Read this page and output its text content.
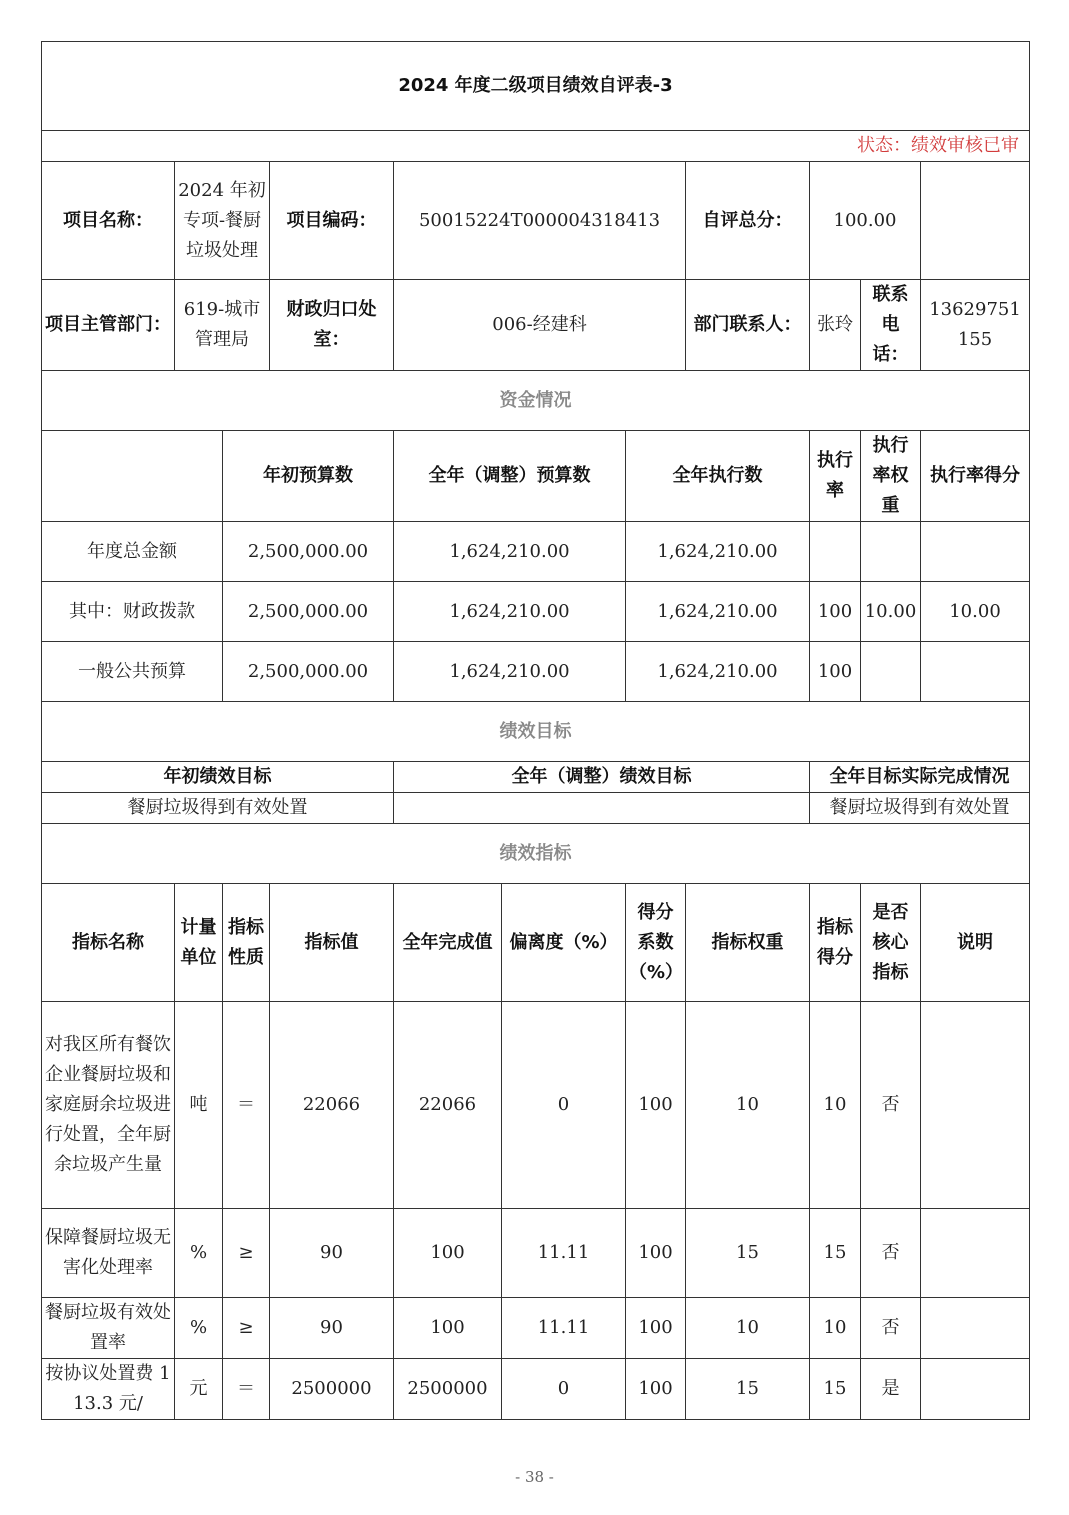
2024 年度二级项目绩效自评表-3										
状态：绩效审核已审										
项目名称：	2024 年初专项-餐厨垃圾处理		项目编码：	50015224T000004318413			自评总分：	100.00		
项目主管部门：	619-城市管理局		财政归口处室：	006-经建科			部门联系人：	张玲	联系电话：	13629751155
资金情况										
		年初预算数		全年（调整）预算数		全年执行数		执行率	执行率权重	执行率得分
年度总金额		2,500,000.00		1,624,210.00		1,624,210.00				
其中：财政拨款		2,500,000.00		1,624,210.00		1,624,210.00		100	10.00	10.00
一般公共预算		2,500,000.00		1,624,210.00		1,624,210.00		100		
绩效目标										
年初绩效目标				全年（调整）绩效目标				全年目标实际完成情况		
餐厨垃圾得到有效处置								餐厨垃圾得到有效处置		
绩效指标										
指标名称	计量单位	指标性质	指标值	全年完成值	偏离度（%）	得分系数（%）	指标权重	指标得分	是否核心指标	说明
对我区所有餐饮企业餐厨垃圾和家庭厨余垃圾进行处置，全年厨余垃圾产生量	吨	＝	22066	22066	0	100	10	10	否	
保障餐厨垃圾无害化处理率	%	≥	90	100	11.11	100	15	15	否	
餐厨垃圾有效处置率	%	≥	90	100	11.11	100	10	10	否	
按协议处置费 113.3 元/	元	＝	2500000	2500000	0	100	15	15	是	
- 38 -
